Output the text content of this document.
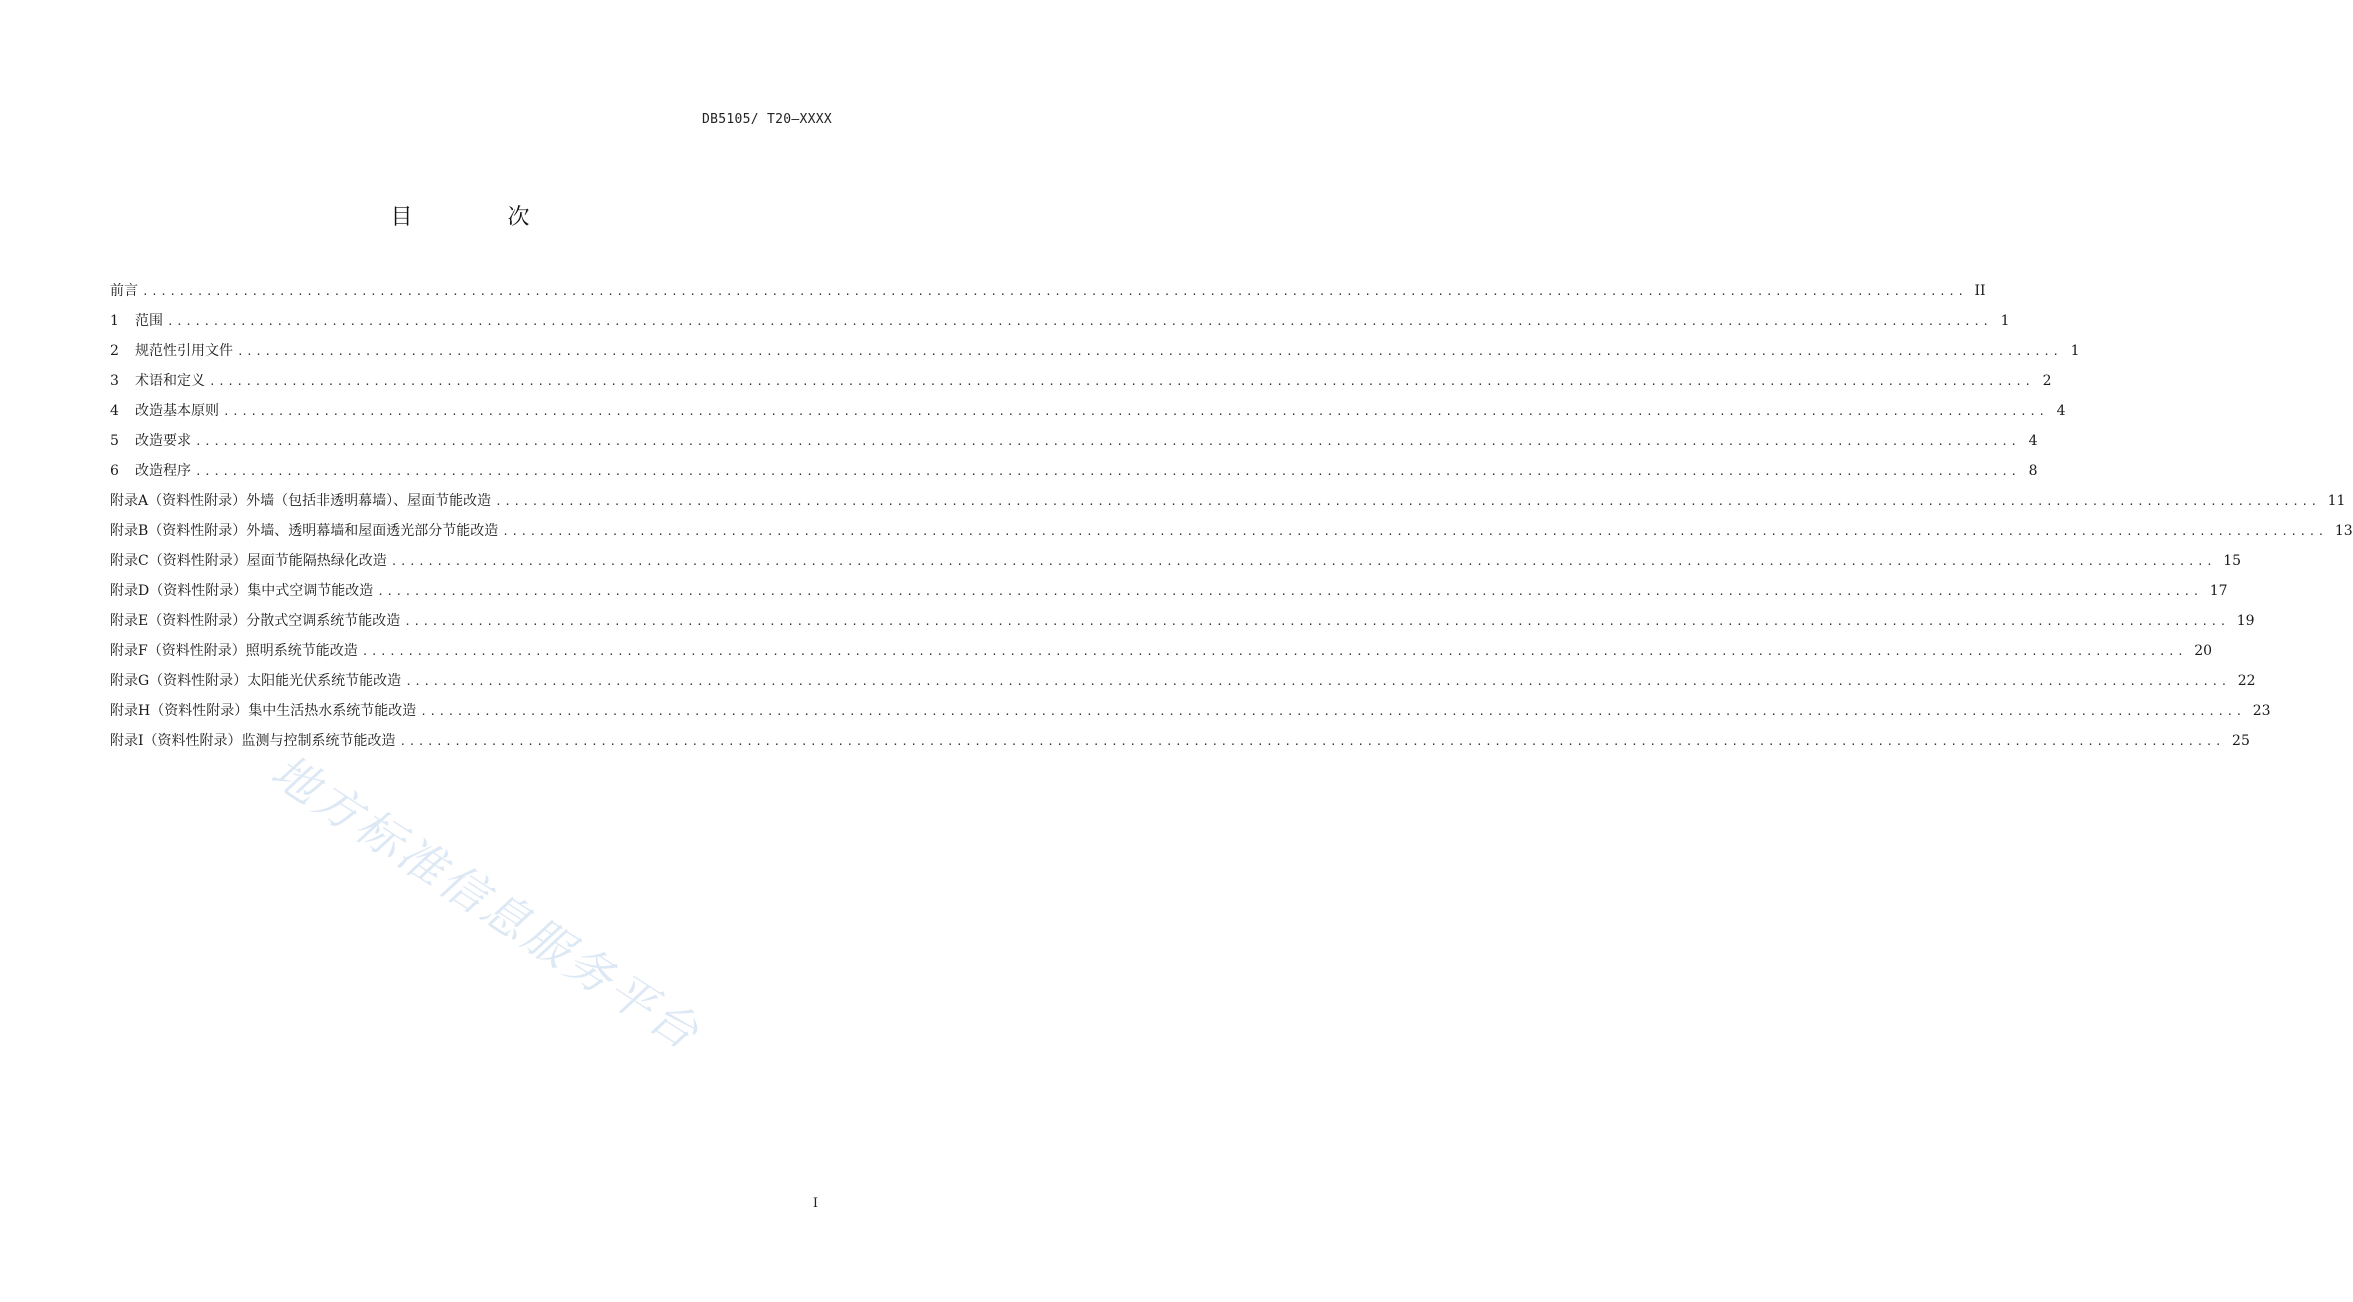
DB5105/ T20—XXXX
目 次
前言 ........................................................................................................................................................................................................ II
1	范围 ........................................................................................................................................................................................................ 1
2	规范性引用文件 ........................................................................................................................................................................................................ 1
3	术语和定义 ........................................................................................................................................................................................................ 2
4	改造基本原则 ........................................................................................................................................................................................................ 4
5	改造要求 ........................................................................................................................................................................................................ 4
6	改造程序 ........................................................................................................................................................................................................ 8
附录A（资料性附录） 外墙（包括非透明幕墙）、屋面节能改造 ........................................................................................................................................................................................................ 11
附录B（资料性附录） 外墙、透明幕墙和屋面透光部分节能改造 ........................................................................................................................................................................................................ 13
附录C（资料性附录） 屋面节能隔热绿化改造 ........................................................................................................................................................................................................ 15
附录D（资料性附录） 集中式空调节能改造 ........................................................................................................................................................................................................ 17
附录E（资料性附录） 分散式空调系统节能改造 ........................................................................................................................................................................................................ 19
附录F（资料性附录） 照明系统节能改造 ........................................................................................................................................................................................................ 20
附录G（资料性附录） 太阳能光伏系统节能改造 ........................................................................................................................................................................................................ 22
附录H（资料性附录） 集中生活热水系统节能改造 ........................................................................................................................................................................................................ 23
附录I（资料性附录） 监测与控制系统节能改造 ........................................................................................................................................................................................................ 25
地方标准信息服务平台
I
